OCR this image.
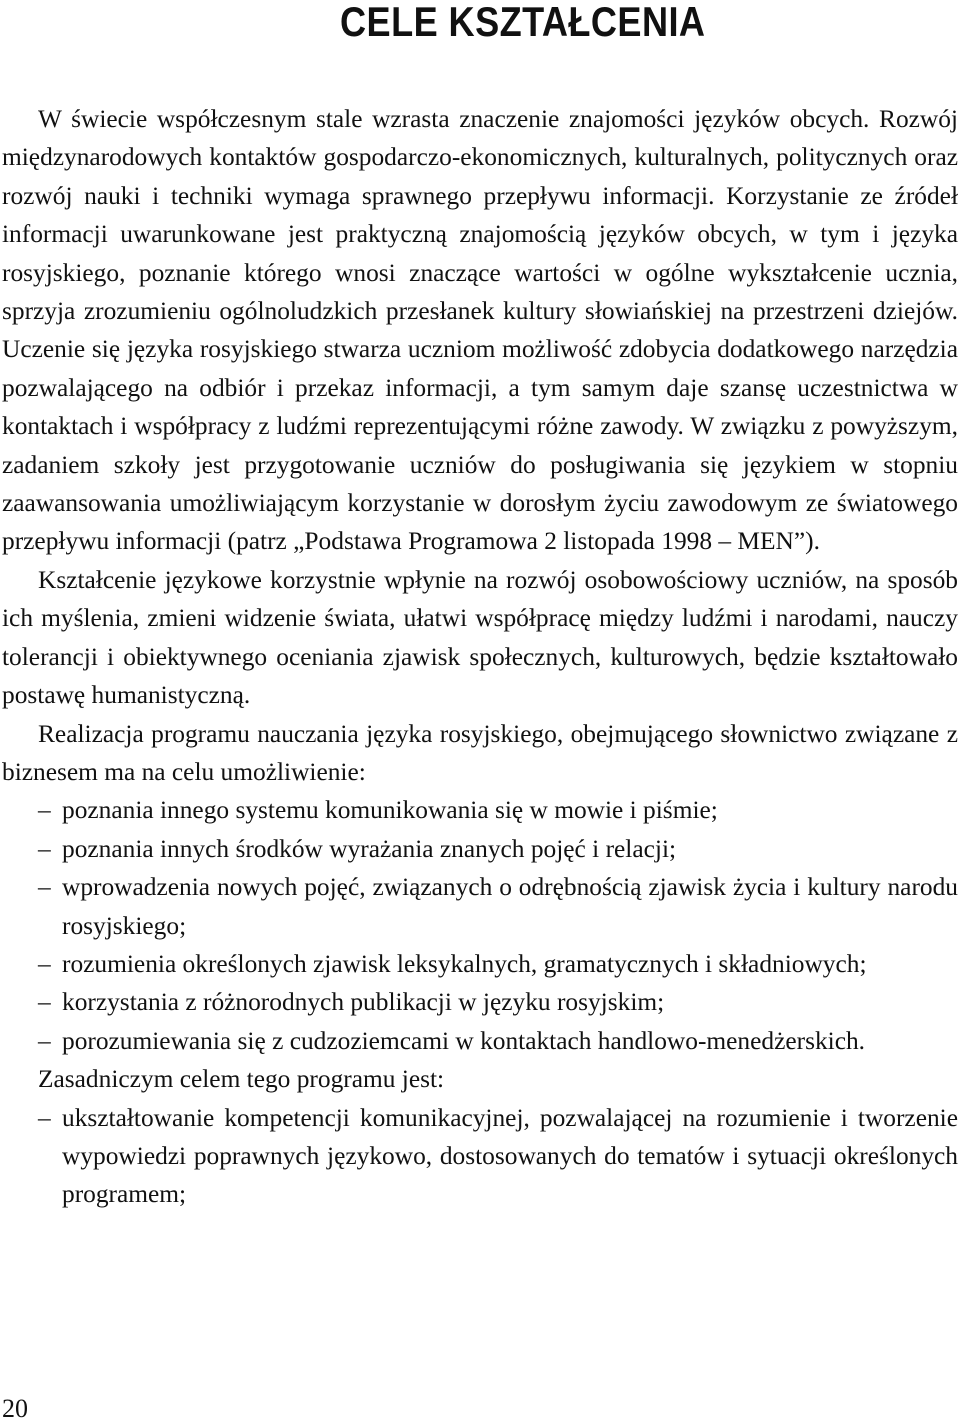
CELE KSZTAŁCENIA

W świecie współczesnym stale wzrasta znaczenie znajomości języków obcych. Rozwój międzynarodowych kontaktów gospodarczo-ekonomicznych, kulturalnych, politycznych oraz rozwój nauki i techniki wymaga sprawnego przepływu informacji. Korzystanie ze źródeł informacji uwarunkowane jest praktyczną znajomością języków obcych, w tym i języka rosyjskiego, poznanie którego wnosi znaczące wartości w ogólne wykształcenie ucznia, sprzyja zrozumieniu ogólnoludzkich przesłanek kultury słowiańskiej na przestrzeni dziejów. Uczenie się języka rosyjskiego stwarza uczniom możliwość zdobycia dodatkowego narzędzia pozwalającego na odbiór i przekaz informacji, a tym samym daje szansę uczestnictwa w kontaktach i współpracy z ludźmi reprezentującymi różne zawody. W związku z powyższym, zadaniem szkoły jest przygotowanie uczniów do posługiwania się językiem w stopniu zaawansowania umożliwiającym korzystanie w dorosłym życiu zawodowym ze światowego przepływu informacji (patrz „Podstawa Programowa 2 listopada 1998 – MEN”).

Kształcenie językowe korzystnie wpłynie na rozwój osobowościowy uczniów, na sposób ich myślenia, zmieni widzenie świata, ułatwi współpracę między ludźmi i narodami, nauczy tolerancji i obiektywnego oceniania zjawisk społecznych, kulturowych, będzie kształtowało postawę humanistyczną.

Realizacja programu nauczania języka rosyjskiego, obejmującego słownictwo związane z biznesem ma na celu umożliwienie:

– poznania innego systemu komunikowania się w mowie i piśmie;
– poznania innych środków wyrażania znanych pojęć i relacji;
– wprowadzenia nowych pojęć, związanych o odrębnością zjawisk życia i kultury narodu rosyjskiego;
– rozumienia określonych zjawisk leksykalnych, gramatycznych i składniowych;
– korzystania z różnorodnych publikacji w języku rosyjskim;
– porozumiewania się z cudzoziemcami w kontaktach handlowo-menedżerskich.

Zasadniczym celem tego programu jest:

– ukształtowanie kompetencji komunikacyjnej, pozwalającej na rozumienie i tworzenie wypowiedzi poprawnych językowo, dostosowanych do tematów i sytuacji określonych programem;
20
